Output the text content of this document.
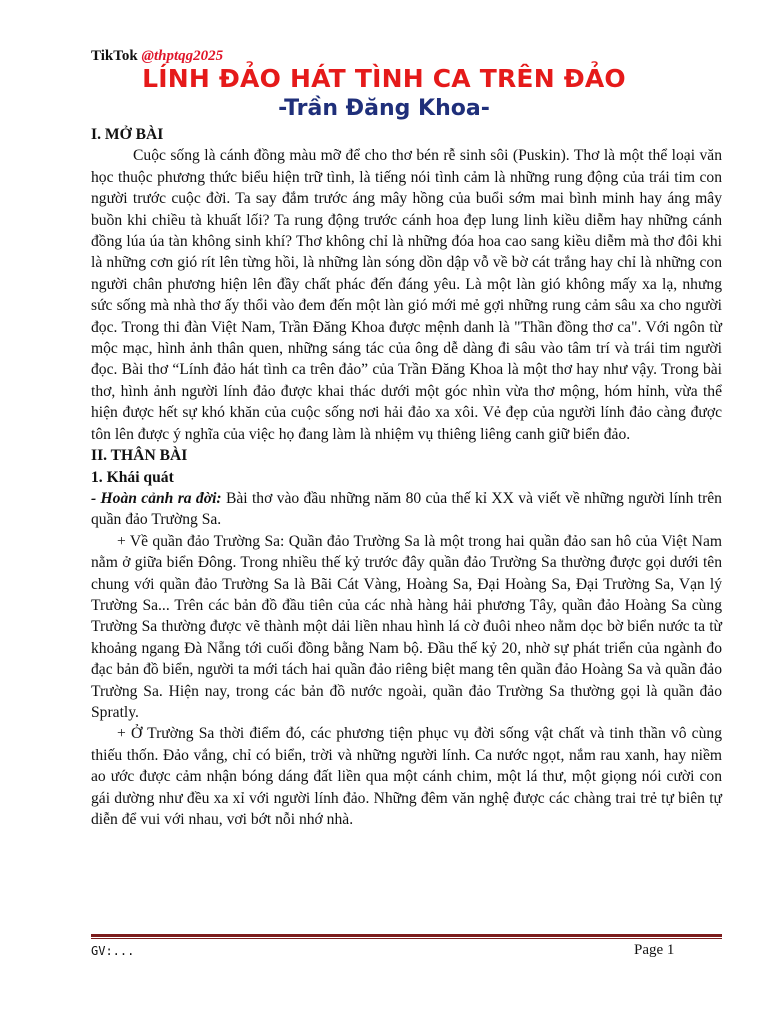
TikTok @thptqg2025
LÍNH ĐẢO HÁT TÌNH CA TRÊN ĐẢO
-Trần Đăng Khoa-

I. MỞ BÀI

Cuộc sống là cánh đồng màu mỡ để cho thơ bén rễ sinh sôi (Puskin). Thơ là một thể loại văn học thuộc phương thức biểu hiện trữ tình, là tiếng nói tình cảm là những rung động của trái tim con người trước cuộc đời. Ta say đắm trước áng mây hồng của buổi sớm mai bình minh hay áng mây buồn khi chiều tà khuất lối? Ta rung động trước cánh hoa đẹp lung linh kiều diễm hay những cánh đồng lúa úa tàn không sinh khí? Thơ không chỉ là những đóa hoa cao sang kiều diễm mà thơ đôi khi là những cơn gió rít lên từng hồi, là những làn sóng dồn dập vỗ về bờ cát trắng hay chỉ là những con người chân phương hiện lên đầy chất phác đến đáng yêu. Là một làn gió không mấy xa lạ, nhưng sức sống mà nhà thơ ấy thổi vào đem đến một làn gió mới mẻ gợi những rung cảm sâu xa cho người đọc. Trong thi đàn Việt Nam, Trần Đăng Khoa được mệnh danh là "Thần đồng thơ ca". Với ngôn từ mộc mạc, hình ảnh thân quen, những sáng tác của ông dễ dàng đi sâu vào tâm trí và trái tim người đọc. Bài thơ “Lính đảo hát tình ca trên đảo” của Trần Đăng Khoa là một thơ hay như vậy. Trong bài thơ, hình ảnh người lính đảo được khai thác dưới một góc nhìn vừa thơ mộng, hóm hỉnh, vừa thể hiện được hết sự khó khăn của cuộc sống nơi hải đảo xa xôi. Vẻ đẹp của người lính đảo càng được tôn lên được ý nghĩa của việc họ đang làm là nhiệm vụ thiêng liêng canh giữ biển đảo.

II. THÂN BÀI

1. Khái quát

- Hoàn cảnh ra đời: Bài thơ vào đầu những năm 80 của thế kỉ XX và viết về những người lính trên quần đảo Trường Sa.

+ Về quần đảo Trường Sa: Quần đảo Trường Sa là một trong hai quần đảo san hô của Việt Nam nằm ở giữa biển Đông. Trong nhiều thế kỷ trước đây quần đảo Trường Sa thường được gọi dưới tên chung với quần đảo Trường Sa là Bãi Cát Vàng, Hoàng Sa, Đại Hoàng Sa, Đại Trường Sa, Vạn lý Trường Sa... Trên các bản đồ đầu tiên của các nhà hàng hải phương Tây, quần đảo Hoàng Sa cùng Trường Sa thường được vẽ thành một dải liền nhau hình lá cờ đuôi nheo nằm dọc bờ biển nước ta từ khoảng ngang Đà Nẵng tới cuối đồng bằng Nam bộ. Đầu thế kỷ 20, nhờ sự phát triển của ngành đo đạc bản đồ biển, người ta mới tách hai quần đảo riêng biệt mang tên quần đảo Hoàng Sa và quần đảo Trường Sa. Hiện nay, trong các bản đồ nước ngoài, quần đảo Trường Sa thường gọi là quần đảo Spratly.

+ Ở Trường Sa thời điểm đó, các phương tiện phục vụ đời sống vật chất và tinh thần vô cùng thiếu thốn. Đảo vắng, chỉ có biển, trời và những người lính. Ca nước ngọt, nắm rau xanh, hay niềm ao ước được cảm nhận bóng dáng đất liền qua một cánh chim, một lá thư, một giọng nói cười con gái dường như đều xa xỉ với người lính đảo. Những đêm văn nghệ được các chàng trai trẻ tự biên tự diễn để vui với nhau, vơi bớt nỗi nhớ nhà.

GV:...	Page 1
